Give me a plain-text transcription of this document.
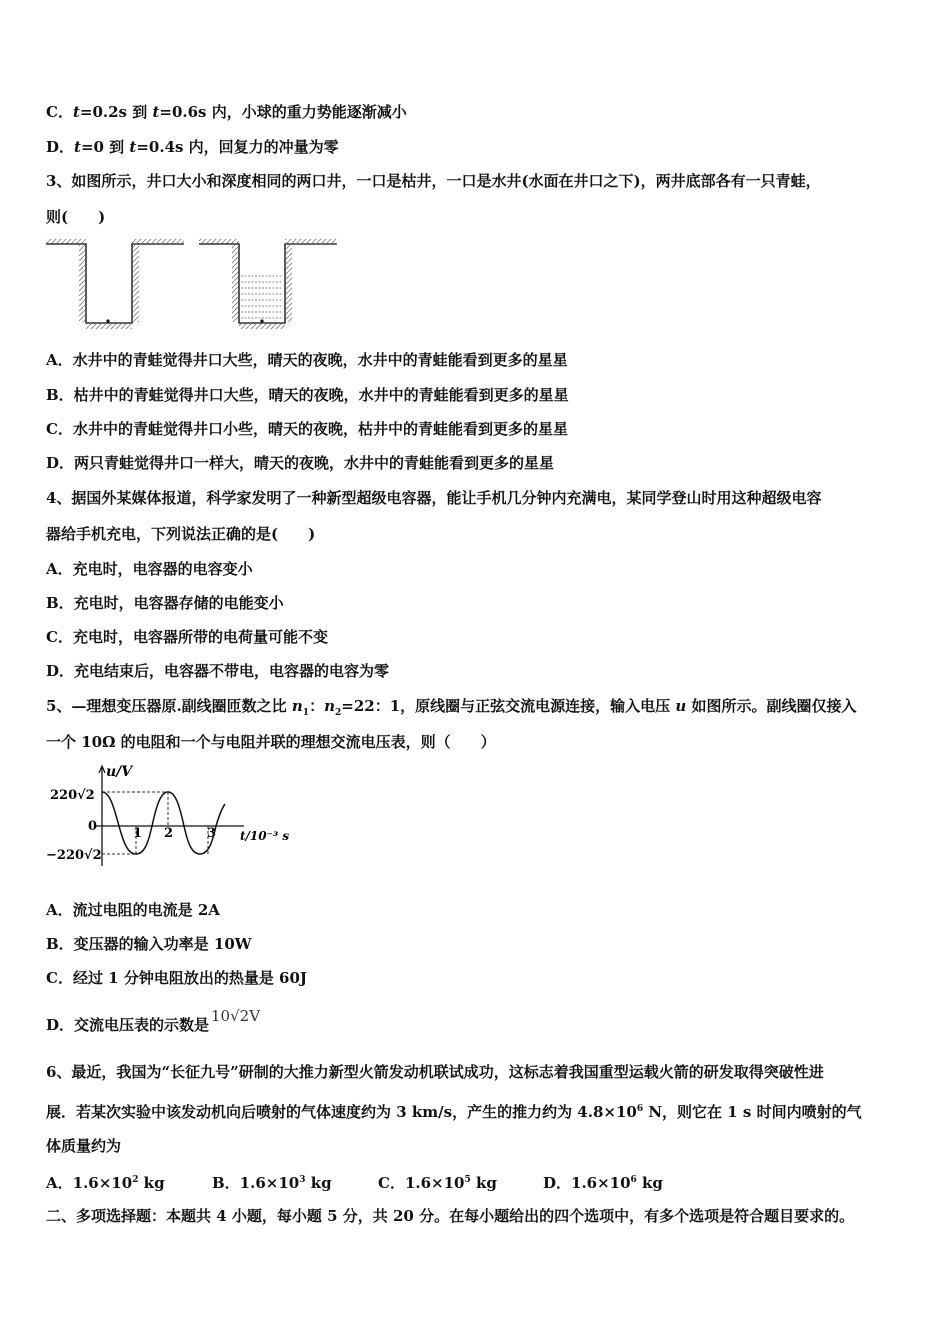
C．t=0.2s 到 t=0.6s 内，小球的重力势能逐渐减小
D．t=0 到 t=0.4s 内，回复力的冲量为零
3、如图所示，井口大小和深度相同的两口井，一口是枯井，一口是水井(水面在井口之下)，两井底部各有一只青蛙，
则(　　)
A．水井中的青蛙觉得井口大些，晴天的夜晚，水井中的青蛙能看到更多的星星
B．枯井中的青蛙觉得井口大些，晴天的夜晚，水井中的青蛙能看到更多的星星
C．水井中的青蛙觉得井口小些，晴天的夜晚，枯井中的青蛙能看到更多的星星
D．两只青蛙觉得井口一样大，晴天的夜晚，水井中的青蛙能看到更多的星星
4、据国外某媒体报道，科学家发明了一种新型超级电容器，能让手机几分钟内充满电，某同学登山时用这种超级电容
器给手机充电，下列说法正确的是(　　)
A．充电时，电容器的电容变小
B．充电时，电容器存储的电能变小
C．充电时，电容器所带的电荷量可能不变
D．充电结束后，电容器不带电，电容器的电容为零
5、—理想变压器原.副线圈匝数之比 $n_1$：$n_2=22$：1，原线圈与正弦交流电源连接，输入电压 u 如图所示。副线圈仅接入
一个 10Ω 的电阻和一个与电阻并联的理想交流电压表，则（　　）
u/V
220√2
0
−220√2
t/10⁻³ s
1 2	3
A．流过电阻的电流是 2A
B．变压器的输入功率是 10W
C．经过 1 分钟电阻放出的热量是 60J
D．交流电压表的示数是 10√2V
6、最近，我国为“长征九号”研制的大推力新型火箭发动机联试成功，这标志着我国重型运载火箭的研发取得突破性进
展．若某次实验中该发动机向后喷射的气体速度约为 3 km/s，产生的推力约为 $4.8\times 10^6$ N，则它在 1 s 时间内喷射的气
体质量约为
A．$1.6\times 10^2$ kg	B．$1.6\times 10^3$ kg	C．$1.6\times 10^5$ kg	D．$1.6\times 10^6$ kg
二、多项选择题：本题共 4 小题，每小题 5 分，共 20 分。在每小题给出的四个选项中，有多个选项是符合题目要求的。
